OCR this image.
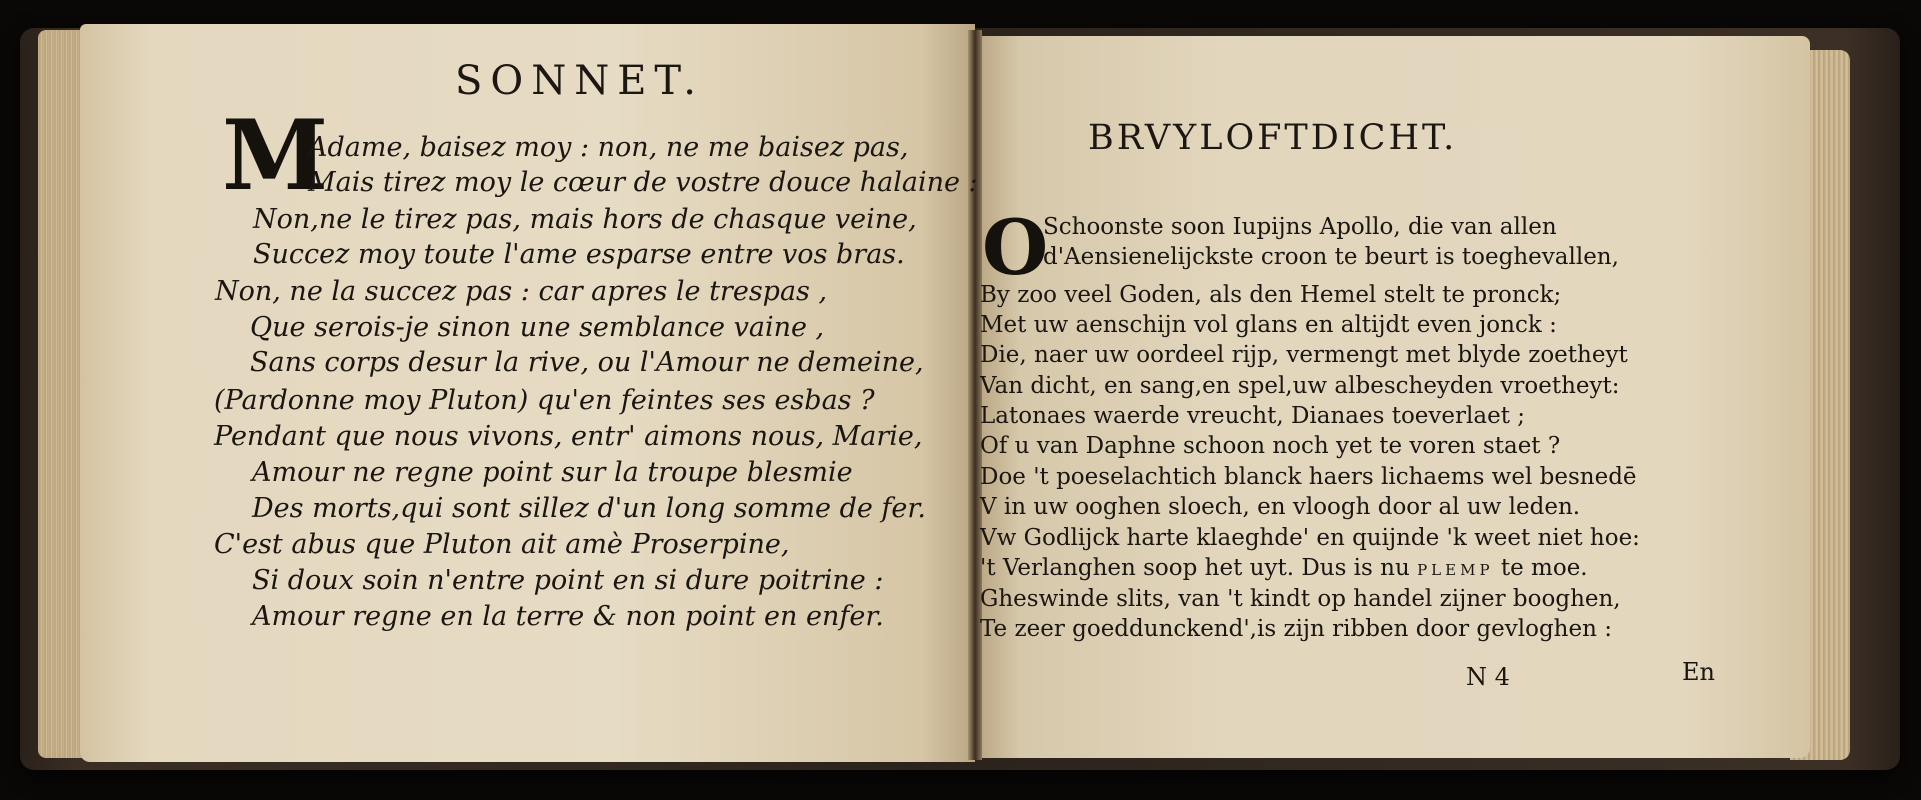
SONNET.
M
Adame, baisez moy : non, ne me baisez pas,
Mais tirez moy le cœur de vostre douce halaine :
Non,ne le tirez pas, mais hors de chasque veine,
Succez moy toute l'ame esparse entre vos bras.
Non, ne la succez pas : car apres le trespas ,
Que serois-je sinon une semblance vaine ,
Sans corps desur la rive, ou l'Amour ne demeine,
(Pardonne moy Pluton) qu'en feintes ses esbas ?
Pendant que nous vivons, entr' aimons nous, Marie,
Amour ne regne point sur la troupe blesmie
Des morts,qui sont sillez d'un long somme de fer.
C'est abus que Pluton ait amè Proserpine,
Si doux soin n'entre point en si dure poitrine :
Amour regne en la terre & non point en enfer.
BRVYLOFTDICHT.
O
Schoonste soon Iupijns Apollo, die van allen
d'Aensienelijckste croon te beurt is toeghevallen,
By zoo veel Goden, als den Hemel stelt te pronck;
Met uw aenschijn vol glans en altijdt even jonck :
Die, naer uw oordeel rijp, vermengt met blyde zoetheyt
Van dicht, en sang,en spel,uw albescheyden vroetheyt:
Latonaes waerde vreucht, Dianaes toeverlaet ;
Of u van Daphne schoon noch yet te voren staet ?
Doe 't poeselachtich blanck haers lichaems wel besnedē
V in uw ooghen sloech, en vloogh door al uw leden.
Vw Godlijck harte klaeghde' en quijnde 'k weet niet hoe:
't Verlanghen soop het uyt. Dus is nu PLEMP te moe.
Gheswinde slits, van 't kindt op handel zijner booghen,
Te zeer goeddunckend',is zijn ribben door gevloghen :
N 4	En
